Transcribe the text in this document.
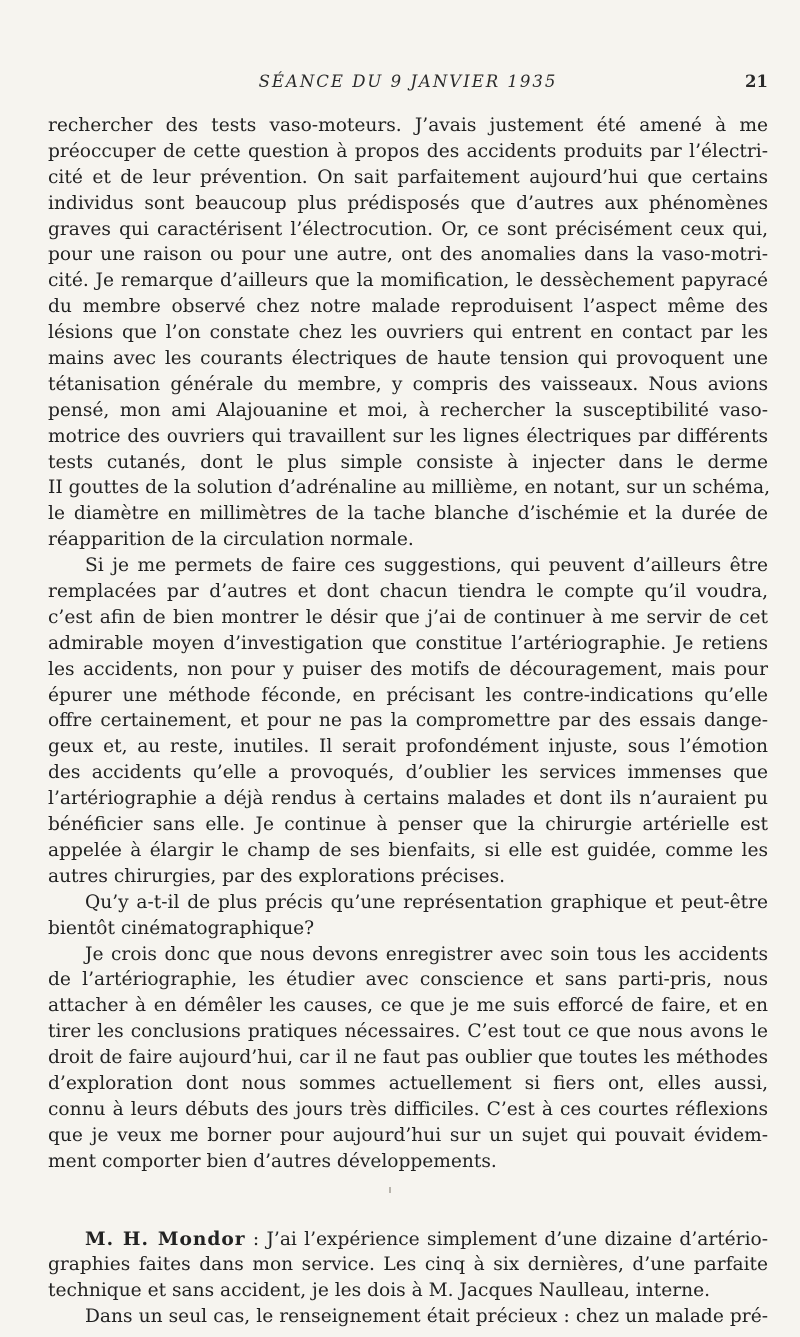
SÉANCE DU 9 JANVIER 1935	21
rechercher des tests vaso-moteurs. J’avais justement été amené à me
préoccuper de cette question à propos des accidents produits par l’électri-
cité et de leur prévention. On sait parfaitement aujourd’hui que certains
individus sont beaucoup plus prédisposés que d’autres aux phénomènes
graves qui caractérisent l’électrocution. Or, ce sont précisément ceux qui,
pour une raison ou pour une autre, ont des anomalies dans la vaso-motri-
cité. Je remarque d’ailleurs que la momification, le dessèchement papyracé
du membre observé chez notre malade reproduisent l’aspect même des
lésions que l’on constate chez les ouvriers qui entrent en contact par les
mains avec les courants électriques de haute tension qui provoquent une
tétanisation générale du membre, y compris des vaisseaux. Nous avions
pensé, mon ami Alajouanine et moi, à rechercher la susceptibilité vaso-
motrice des ouvriers qui travaillent sur les lignes électriques par différents
tests cutanés, dont le plus simple consiste à injecter dans le derme
II gouttes de la solution d’adrénaline au millième, en notant, sur un schéma,
le diamètre en millimètres de la tache blanche d’ischémie et la durée de
réapparition de la circulation normale.
Si je me permets de faire ces suggestions, qui peuvent d’ailleurs être
remplacées par d’autres et dont chacun tiendra le compte qu’il voudra,
c’est afin de bien montrer le désir que j’ai de continuer à me servir de cet
admirable moyen d’investigation que constitue l’artériographie. Je retiens
les accidents, non pour y puiser des motifs de découragement, mais pour
épurer une méthode féconde, en précisant les contre-indications qu’elle
offre certainement, et pour ne pas la compromettre par des essais dange-
geux et, au reste, inutiles. Il serait profondément injuste, sous l’émotion
des accidents qu’elle a provoqués, d’oublier les services immenses que
l’artériographie a déjà rendus à certains malades et dont ils n’auraient pu
bénéficier sans elle. Je continue à penser que la chirurgie artérielle est
appelée à élargir le champ de ses bienfaits, si elle est guidée, comme les
autres chirurgies, par des explorations précises.
Qu’y a-t-il de plus précis qu’une représentation graphique et peut-être
bientôt cinématographique?
Je crois donc que nous devons enregistrer avec soin tous les accidents
de l’artériographie, les étudier avec conscience et sans parti-pris, nous
attacher à en démêler les causes, ce que je me suis efforcé de faire, et en
tirer les conclusions pratiques nécessaires. C’est tout ce que nous avons le
droit de faire aujourd’hui, car il ne faut pas oublier que toutes les méthodes
d’exploration dont nous sommes actuellement si fiers ont, elles aussi,
connu à leurs débuts des jours très difficiles. C’est à ces courtes réflexions
que je veux me borner pour aujourd’hui sur un sujet qui pouvait évidem-
ment comporter bien d’autres développements.
M. H. Mondor : J’ai l’expérience simplement d’une dizaine d’artério-
graphies faites dans mon service. Les cinq à six dernières, d’une parfaite
technique et sans accident, je les dois à M. Jacques Naulleau, interne.
Dans un seul cas, le renseignement était précieux : chez un malade pré-
